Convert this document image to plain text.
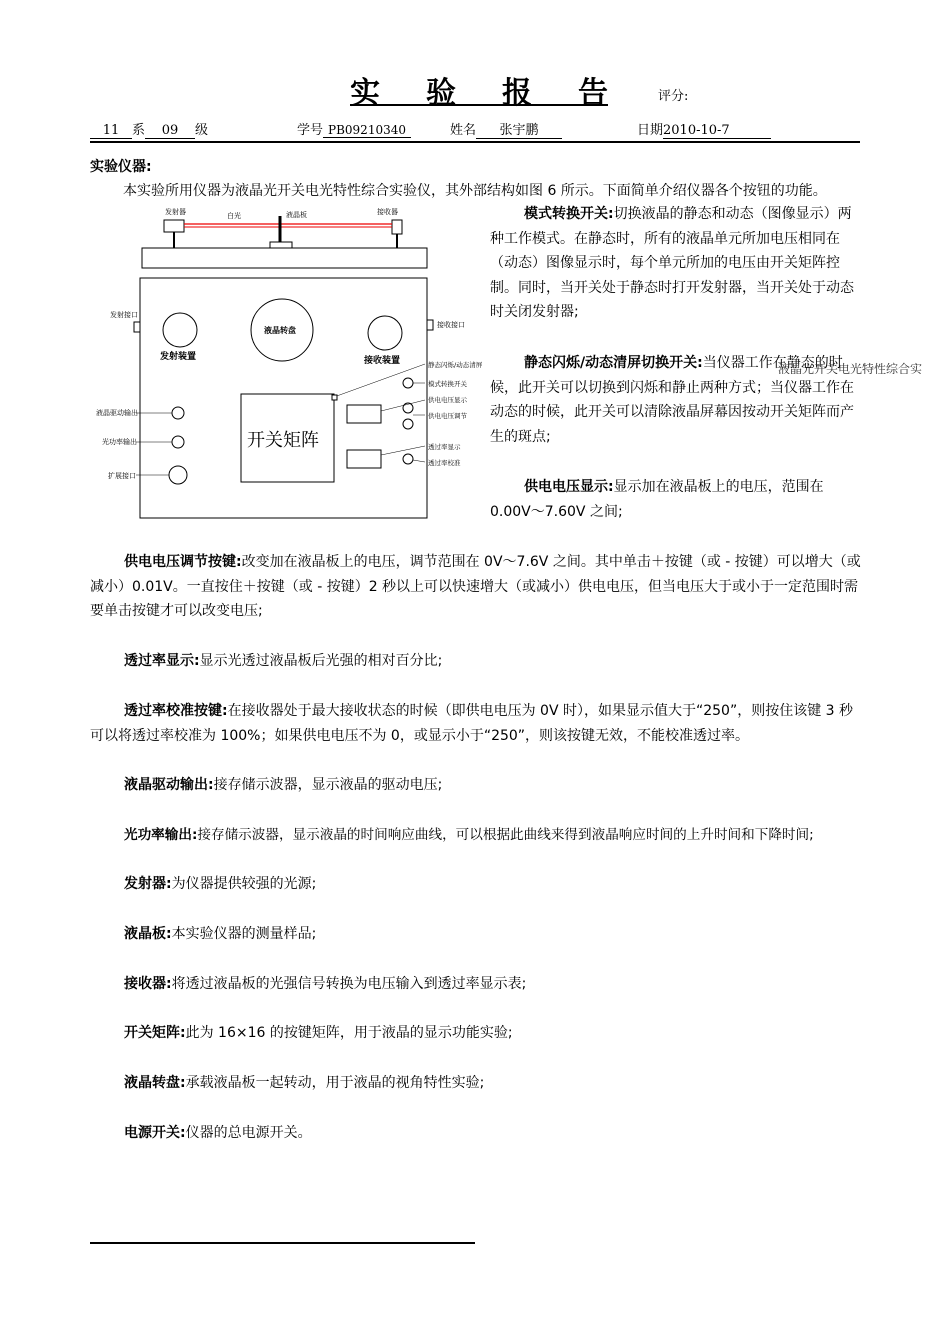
实 验 报 告	评分:
11 系 09 级	学号 PB09210340	姓名 张宇鹏	日期2010-10-7
实验仪器:
本实验所用仪器为液晶光开关电光特性综合实验仪，其外部结构如图 6 所示。下面简单介绍仪器各个按钮的功能。
发射器	白光	液晶板	接收器
发射接口
接收接口
发射装置	接收装置
液晶转盘
开关矩阵
液晶驱动输出
光功率输出
扩展接口
静态闪烁/动态清屏
模式转换开关
供电电压显示
供电电压调节
透过率显示
透过率校准
模式转换开关:切换液晶的静态和动态（图像显示）两种工作模式。在静态时，所有的液晶单元所加电压相同在（动态）图像显示时，每个单元所加的电压由开关矩阵控制。同时，当开关处于静态时打开发射器，当开关处于动态时关闭发射器;
静态闪烁/动态清屏切换开关:当仪器工作在静态的时候，此开关可以切换到闪烁和静止两种方式；当仪器工作在动态的时候，此开关可以清除液晶屏幕因按动开关矩阵而产生的斑点;
液晶光开关电光特性综合实
供电电压显示:显示加在液晶板上的电压，范围在 0.00V～7.60V 之间;
供电电压调节按键:改变加在液晶板上的电压，调节范围在 0V～7.6V 之间。其中单击＋按键（或 - 按键）可以增大（或减小）0.01V。一直按住＋按键（或 - 按键）2 秒以上可以快速增大（或减小）供电电压，但当电压大于或小于一定范围时需要单击按键才可以改变电压;
透过率显示:显示光透过液晶板后光强的相对百分比;
透过率校准按键:在接收器处于最大接收状态的时候（即供电电压为 0V 时），如果显示值大于“250”，则按住该键 3 秒可以将透过率校准为 100%；如果供电电压不为 0，或显示小于“250”，则该按键无效，不能校准透过率。
液晶驱动输出:接存储示波器，显示液晶的驱动电压;
光功率输出:接存储示波器，显示液晶的时间响应曲线，可以根据此曲线来得到液晶响应时间的上升时间和下降时间;
发射器:为仪器提供较强的光源;
液晶板:本实验仪器的测量样品;
接收器:将透过液晶板的光强信号转换为电压输入到透过率显示表;
开关矩阵:此为 16×16 的按键矩阵，用于液晶的显示功能实验;
液晶转盘:承载液晶板一起转动，用于液晶的视角特性实验;
电源开关:仪器的总电源开关。
